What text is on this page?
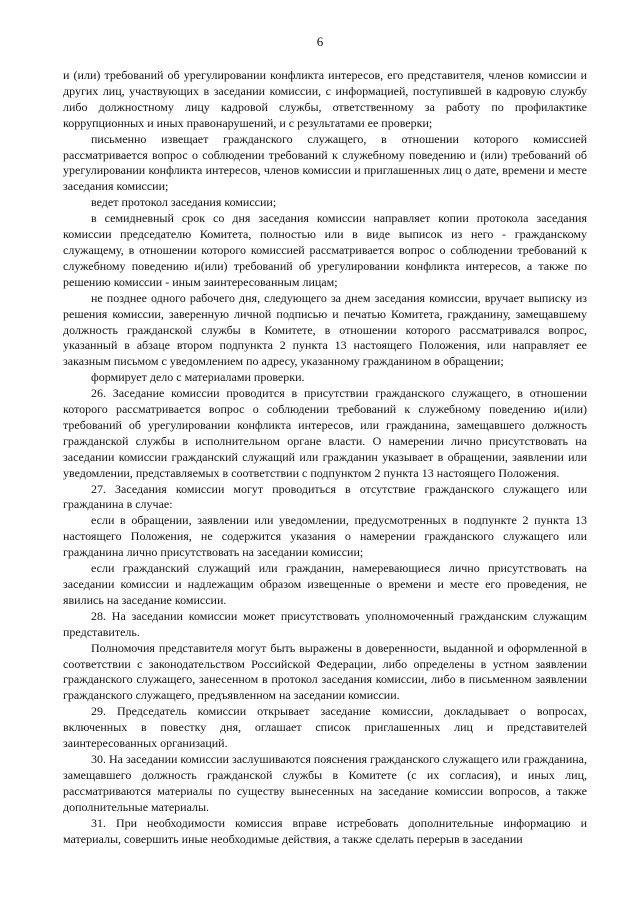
6

и (или) требований об урегулировании конфликта интересов, его представителя, членов комиссии и других лиц, участвующих в заседании комиссии, с информацией, поступившей в кадровую службу либо должностному лицу кадровой службы, ответственному за работу по профилактике коррупционных и иных правонарушений, и с результатами ее проверки;

письменно извещает гражданского служащего, в отношении которого комиссией рассматривается вопрос о соблюдении требований к служебному поведению и (или) требований об урегулировании конфликта интересов, членов комиссии и приглашенных лиц о дате, времени и месте заседания комиссии;

ведет протокол заседания комиссии;

в семидневный срок со дня заседания комиссии направляет копии протокола заседания комиссии председателю Комитета, полностью или в виде выписок из него - гражданскому служащему, в отношении которого комиссией рассматривается вопрос о соблюдении требований к служебному поведению и(или) требований об урегулировании конфликта интересов, а также по решению комиссии - иным заинтересованным лицам;

не позднее одного рабочего дня, следующего за днем заседания комиссии, вручает выписку из решения комиссии, заверенную личной подписью и печатью Комитета, гражданину, замещавшему должность гражданской службы в Комитете, в отношении которого рассматривался вопрос, указанный в абзаце втором подпункта 2 пункта 13 настоящего Положения, или направляет ее заказным письмом с уведомлением по адресу, указанному гражданином в обращении;

формирует дело с материалами проверки.

26. Заседание комиссии проводится в присутствии гражданского служащего, в отношении которого рассматривается вопрос о соблюдении требований к служебному поведению и(или) требований об урегулировании конфликта интересов, или гражданина, замещавшего должность гражданской службы в исполнительном органе власти. О намерении лично присутствовать на заседании комиссии гражданский служащий или гражданин указывает в обращении, заявлении или уведомлении, представляемых в соответствии с подпунктом 2 пункта 13 настоящего Положения.

27. Заседания комиссии могут проводиться в отсутствие гражданского служащего или гражданина в случае:

если в обращении, заявлении или уведомлении, предусмотренных в подпункте 2 пункта 13 настоящего Положения, не содержится указания о намерении гражданского служащего или гражданина лично присутствовать на заседании комиссии;

если гражданский служащий или гражданин, намеревающиеся лично присутствовать на заседании комиссии и надлежащим образом извещенные о времени и месте его проведения, не явились на заседание комиссии.

28. На заседании комиссии может присутствовать уполномоченный гражданским служащим представитель.

Полномочия представителя могут быть выражены в доверенности, выданной и оформленной в соответствии с законодательством Российской Федерации, либо определены в устном заявлении гражданского служащего, занесенном в протокол заседания комиссии, либо в письменном заявлении гражданского служащего, предъявленном на заседании комиссии.

29. Председатель комиссии открывает заседание комиссии, докладывает о вопросах, включенных в повестку дня, оглашает список приглашенных лиц и представителей заинтересованных организаций.

30. На заседании комиссии заслушиваются пояснения гражданского служащего или гражданина, замещавшего должность гражданской службы в Комитете (с их согласия), и иных лиц, рассматриваются материалы по существу вынесенных на заседание комиссии вопросов, а также дополнительные материалы.

31. При необходимости комиссия вправе истребовать дополнительные информацию и материалы, совершить иные необходимые действия, а также сделать перерыв в заседании
